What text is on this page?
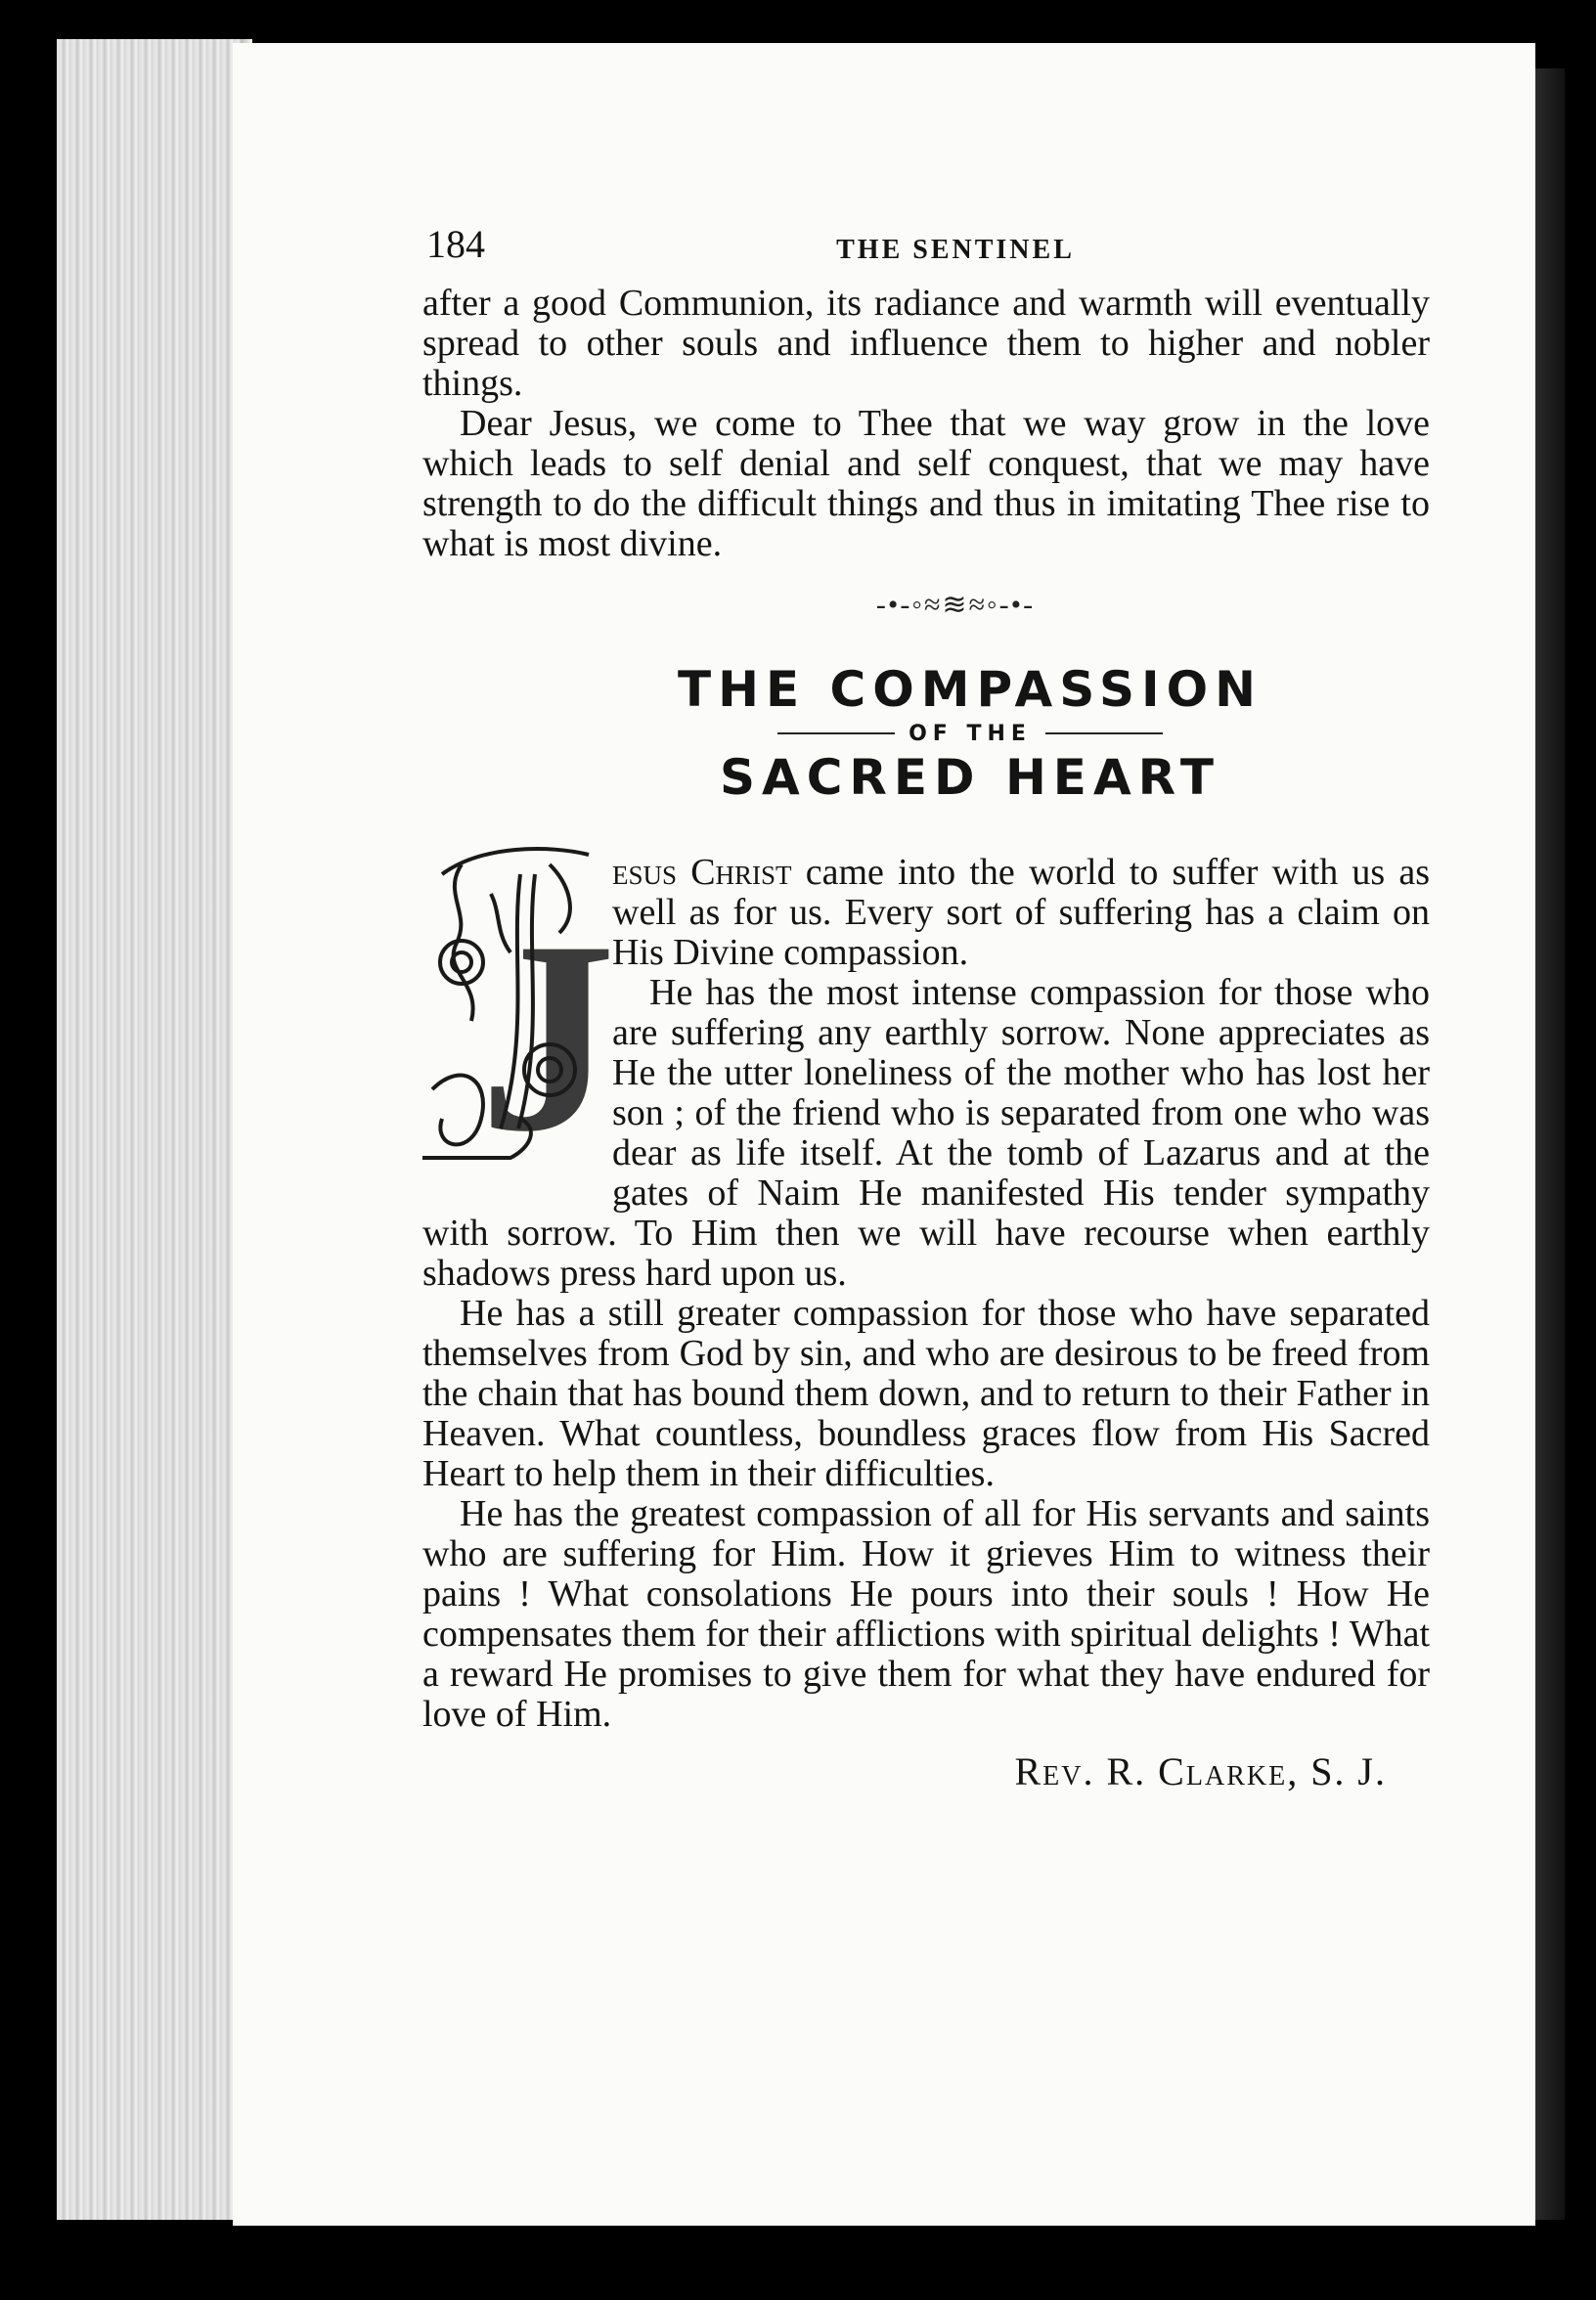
184	THE SENTINEL

after a good Communion, its radiance and warmth will eventually spread to other souls and influence them to higher and nobler things.

Dear Jesus, we come to Thee that we way grow in the love which leads to self denial and self conquest, that we may have strength to do the difficult things and thus in imitating Thee rise to what is most divine.

-•-◦≈≋≈◦-•-
THE COMPASSION
OF THE
SACRED HEART
J

esus Christ came into the world to suffer with us as well as for us. Every sort of suffering has a claim on His Divine compassion.

He has the most intense compassion for those who are suffering any earthly sorrow. None appreciates as He the utter loneliness of the mother who has lost her son ; of the friend who is separated from one who was dear as life itself. At the tomb of Lazarus and at the gates of Naim He manifested His tender sympathy with sorrow. To Him then we will have recourse when earthly shadows press hard upon us.

He has a still greater compassion for those who have separated themselves from God by sin, and who are desirous to be freed from the chain that has bound them down, and to return to their Father in Heaven. What countless, boundless graces flow from His Sacred Heart to help them in their difficulties.

He has the greatest compassion of all for His servants and saints who are suffering for Him. How it grieves Him to witness their pains ! What consolations He pours into their souls ! How He compensates them for their afflictions with spiritual delights ! What a reward He promises to give them for what they have endured for love of Him.

Rev. R. Clarke, S. J.
